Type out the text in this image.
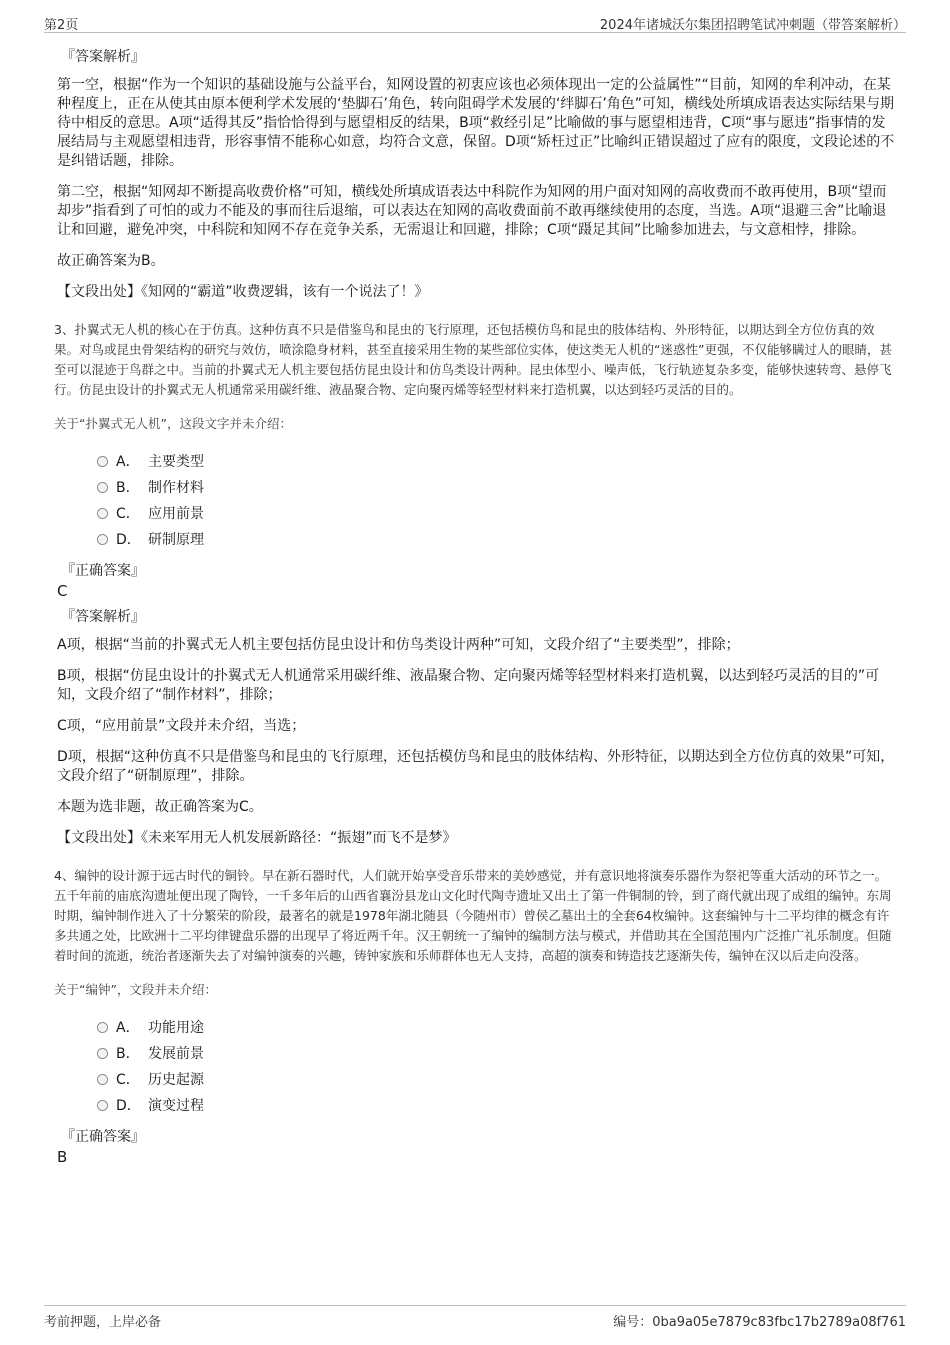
第2页	2024年诸城沃尔集团招聘笔试冲刺题（带答案解析）
『答案解析』
第一空，根据“作为一个知识的基础设施与公益平台，知网设置的初衷应该也必须体现出一定的公益属性”“目前，知网的牟利冲动，在某种程度上，正在从使其由原本便利学术发展的‘垫脚石’角色，转向阻碍学术发展的‘绊脚石’角色”可知，横线处所填成语表达实际结果与期待中相反的意思。A项“适得其反”指恰恰得到与愿望相反的结果，B项“救经引足”比喻做的事与愿望相违背，C项“事与愿违”指事情的发展结局与主观愿望相违背，形容事情不能称心如意，均符合文意，保留。D项“矫枉过正”比喻纠正错误超过了应有的限度，文段论述的不是纠错话题，排除。
第二空，根据“知网却不断提高收费价格”可知，横线处所填成语表达中科院作为知网的用户面对知网的高收费而不敢再使用，B项“望而却步”指看到了可怕的或力不能及的事而往后退缩，可以表达在知网的高收费面前不敢再继续使用的态度，当选。A项“退避三舍”比喻退让和回避，避免冲突，中科院和知网不存在竞争关系，无需退让和回避，排除；C项“蹑足其间”比喻参加进去，与文意相悖，排除。
故正确答案为B。
【文段出处】《知网的“霸道”收费逻辑，该有一个说法了！》
3、扑翼式无人机的核心在于仿真。这种仿真不只是借鉴鸟和昆虫的飞行原理，还包括模仿鸟和昆虫的肢体结构、外形特征，以期达到全方位仿真的效果。对鸟或昆虫骨架结构的研究与效仿，喷涂隐身材料，甚至直接采用生物的某些部位实体，使这类无人机的“迷惑性”更强，不仅能够瞒过人的眼睛，甚至可以混迹于鸟群之中。当前的扑翼式无人机主要包括仿昆虫设计和仿鸟类设计两种。昆虫体型小、噪声低，飞行轨迹复杂多变，能够快速转弯、悬停飞行。仿昆虫设计的扑翼式无人机通常采用碳纤维、液晶聚合物、定向聚丙烯等轻型材料来打造机翼，以达到轻巧灵活的目的。
关于“扑翼式无人机”，这段文字并未介绍：
A． 主要类型
B． 制作材料
C． 应用前景
D． 研制原理
『正确答案』
C
『答案解析』
A项，根据“当前的扑翼式无人机主要包括仿昆虫设计和仿鸟类设计两种”可知，文段介绍了“主要类型”，排除；
B项，根据“仿昆虫设计的扑翼式无人机通常采用碳纤维、液晶聚合物、定向聚丙烯等轻型材料来打造机翼，以达到轻巧灵活的目的”可知，文段介绍了“制作材料”，排除；
C项，“应用前景”文段并未介绍，当选；
D项，根据“这种仿真不只是借鉴鸟和昆虫的飞行原理，还包括模仿鸟和昆虫的肢体结构、外形特征，以期达到全方位仿真的效果”可知，文段介绍了“研制原理”，排除。
本题为选非题，故正确答案为C。
【文段出处】《未来军用无人机发展新路径：“振翅”而飞不是梦》
4、编钟的设计源于远古时代的铜铃。早在新石器时代，人们就开始享受音乐带来的美妙感觉，并有意识地将演奏乐器作为祭祀等重大活动的环节之一。五千年前的庙底沟遗址便出现了陶铃，一千多年后的山西省襄汾县龙山文化时代陶寺遗址又出土了第一件铜制的铃，到了商代就出现了成组的编钟。东周时期，编钟制作进入了十分繁荣的阶段，最著名的就是1978年湖北随县（今随州市）曾侯乙墓出土的全套64枚编钟。这套编钟与十二平均律的概念有许多共通之处，比欧洲十二平均律键盘乐器的出现早了将近两千年。汉王朝统一了编钟的编制方法与模式，并借助其在全国范围内广泛推广礼乐制度。但随着时间的流逝，统治者逐渐失去了对编钟演奏的兴趣，铸钟家族和乐师群体也无人支持，高超的演奏和铸造技艺逐渐失传，编钟在汉以后走向没落。
关于“编钟”，文段并未介绍：
A． 功能用途
B． 发展前景
C． 历史起源
D． 演变过程
『正确答案』
B
考前押题，上岸必备	编号：0ba9a05e7879c83fbc17b2789a08f761
